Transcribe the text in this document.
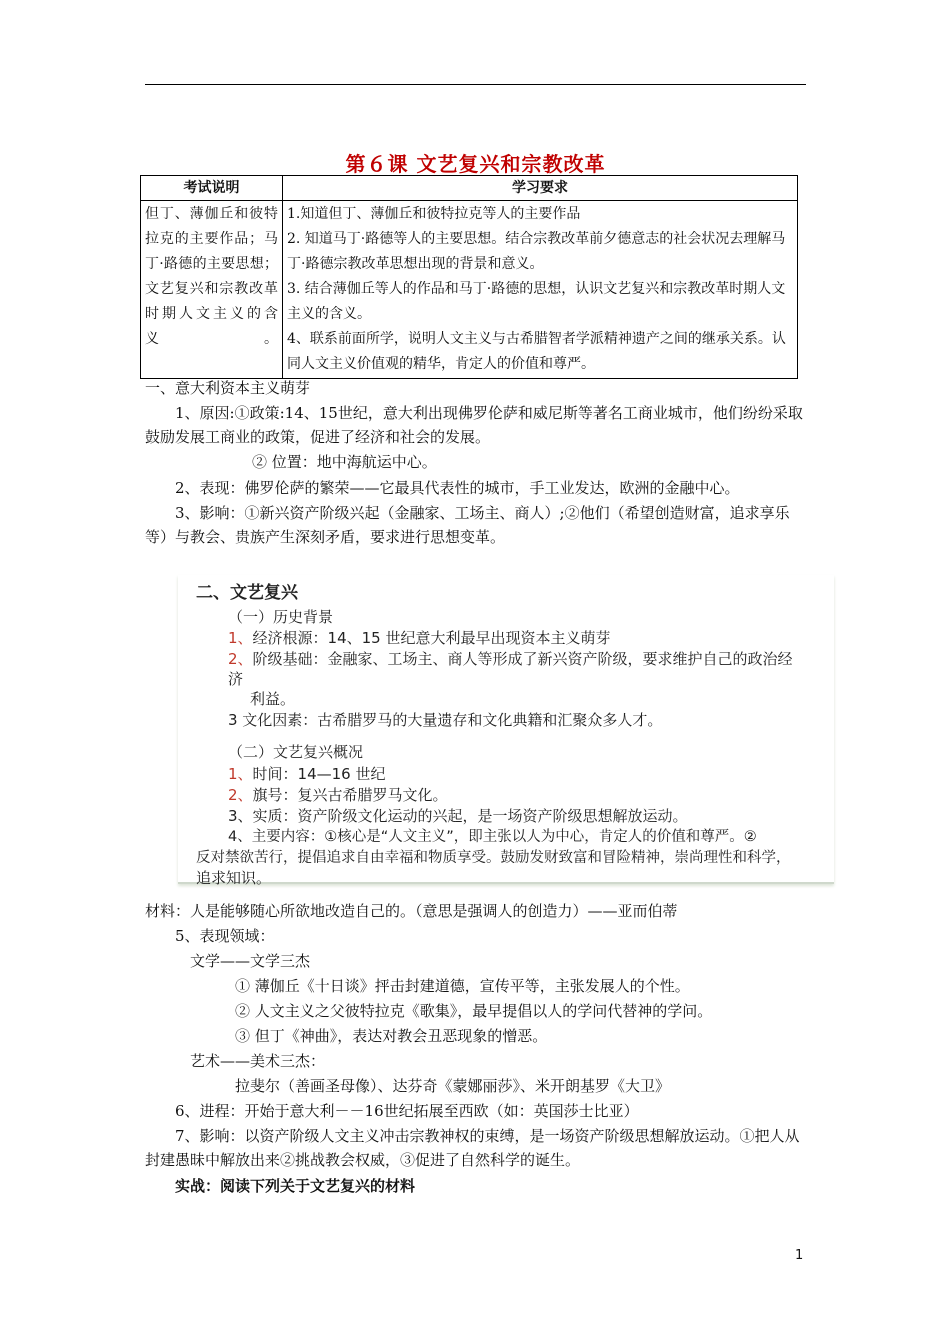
第６课 文艺复兴和宗教改革
考试说明	学习要求
但丁、薄伽丘和彼特拉克的主要作品；马丁·路德的主要思想；文艺复兴和宗教改革时期人文主义的含义。	1.知道但丁、薄伽丘和彼特拉克等人的主要作品
2. 知道马丁·路德等人的主要思想。结合宗教改革前夕德意志的社会状况去理解马丁·路德宗教改革思想出现的背景和意义。
3. 结合薄伽丘等人的作品和马丁·路德的思想，认识文艺复兴和宗教改革时期人文主义的含义。
4、联系前面所学，说明人文主义与古希腊智者学派精神遗产之间的继承关系。认同人文主义价值观的精华，肯定人的价值和尊严。
一、意大利资本主义萌芽
1、原因:①政策:14、15世纪，意大利出现佛罗伦萨和威尼斯等著名工商业城市，他们纷纷采取鼓励发展工商业的政策，促进了经济和社会的发展。
② 位置：地中海航运中心。
2、表现：佛罗伦萨的繁荣——它最具代表性的城市，手工业发达，欧洲的金融中心。
3、影响：①新兴资产阶级兴起（金融家、工场主、商人）;②他们（希望创造财富，追求享乐等）与教会、贵族产生深刻矛盾，要求进行思想变革。
二、文艺复兴
（一）历史背景
1、经济根源：14、15 世纪意大利最早出现资本主义萌芽
2、阶级基础：金融家、工场主、商人等形成了新兴资产阶级，要求维护自己的政治经
济
利益。
3 文化因素：古希腊罗马的大量遗存和文化典籍和汇聚众多人才。
（二）文艺复兴概况
1、时间：14—16 世纪
2、旗号：复兴古希腊罗马文化。
3、实质：资产阶级文化运动的兴起，是一场资产阶级思想解放运动。
4、主要内容：①核心是“人文主义”，即主张以人为中心，肯定人的价值和尊严。②
反对禁欲苦行，提倡追求自由幸福和物质享受。鼓励发财致富和冒险精神，崇尚理性和科学，
追求知识。
材料：人是能够随心所欲地改造自己的。（意思是强调人的创造力）——亚而伯蒂
5、表现领域：
文学——文学三杰
① 薄伽丘《十日谈》抨击封建道德，宣传平等，主张发展人的个性。
② 人文主义之父彼特拉克《歌集》，最早提倡以人的学问代替神的学问。
③ 但丁《神曲》，表达对教会丑恶现象的憎恶。
艺术——美术三杰：
拉斐尔（善画圣母像）、达芬奇《蒙娜丽莎》、米开朗基罗《大卫》
6、进程：开始于意大利－－16世纪拓展至西欧（如：英国莎士比亚）
7、影响：以资产阶级人文主义冲击宗教神权的束缚，是一场资产阶级思想解放运动。①把人从封建愚昧中解放出来②挑战教会权威，③促进了自然科学的诞生。
实战：阅读下列关于文艺复兴的材料
1
